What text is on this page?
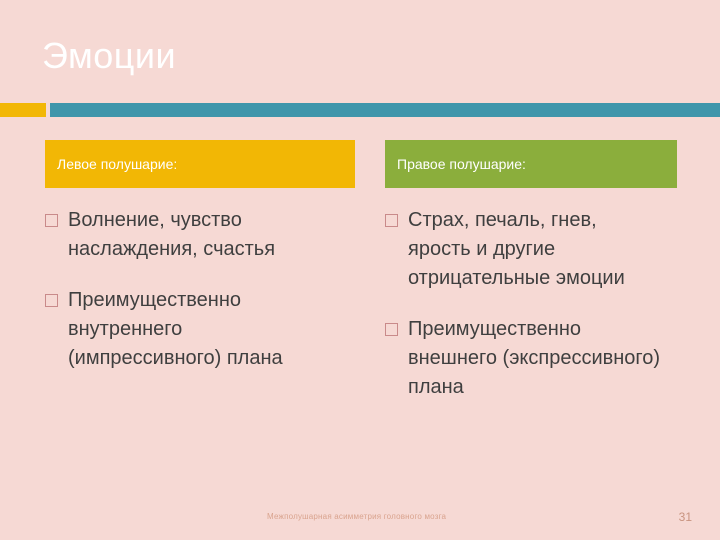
Эмоции
Левое полушарие:
Волнение, чувство наслаждения, счастья
Преимущественно внутреннего (импрессивного) плана
Правое полушарие:
Страх, печаль, гнев, ярость и другие отрицательные эмоции
Преимущественно внешнего (экспрессивного) плана
Межполушарная асимметрия головного мозга	31
